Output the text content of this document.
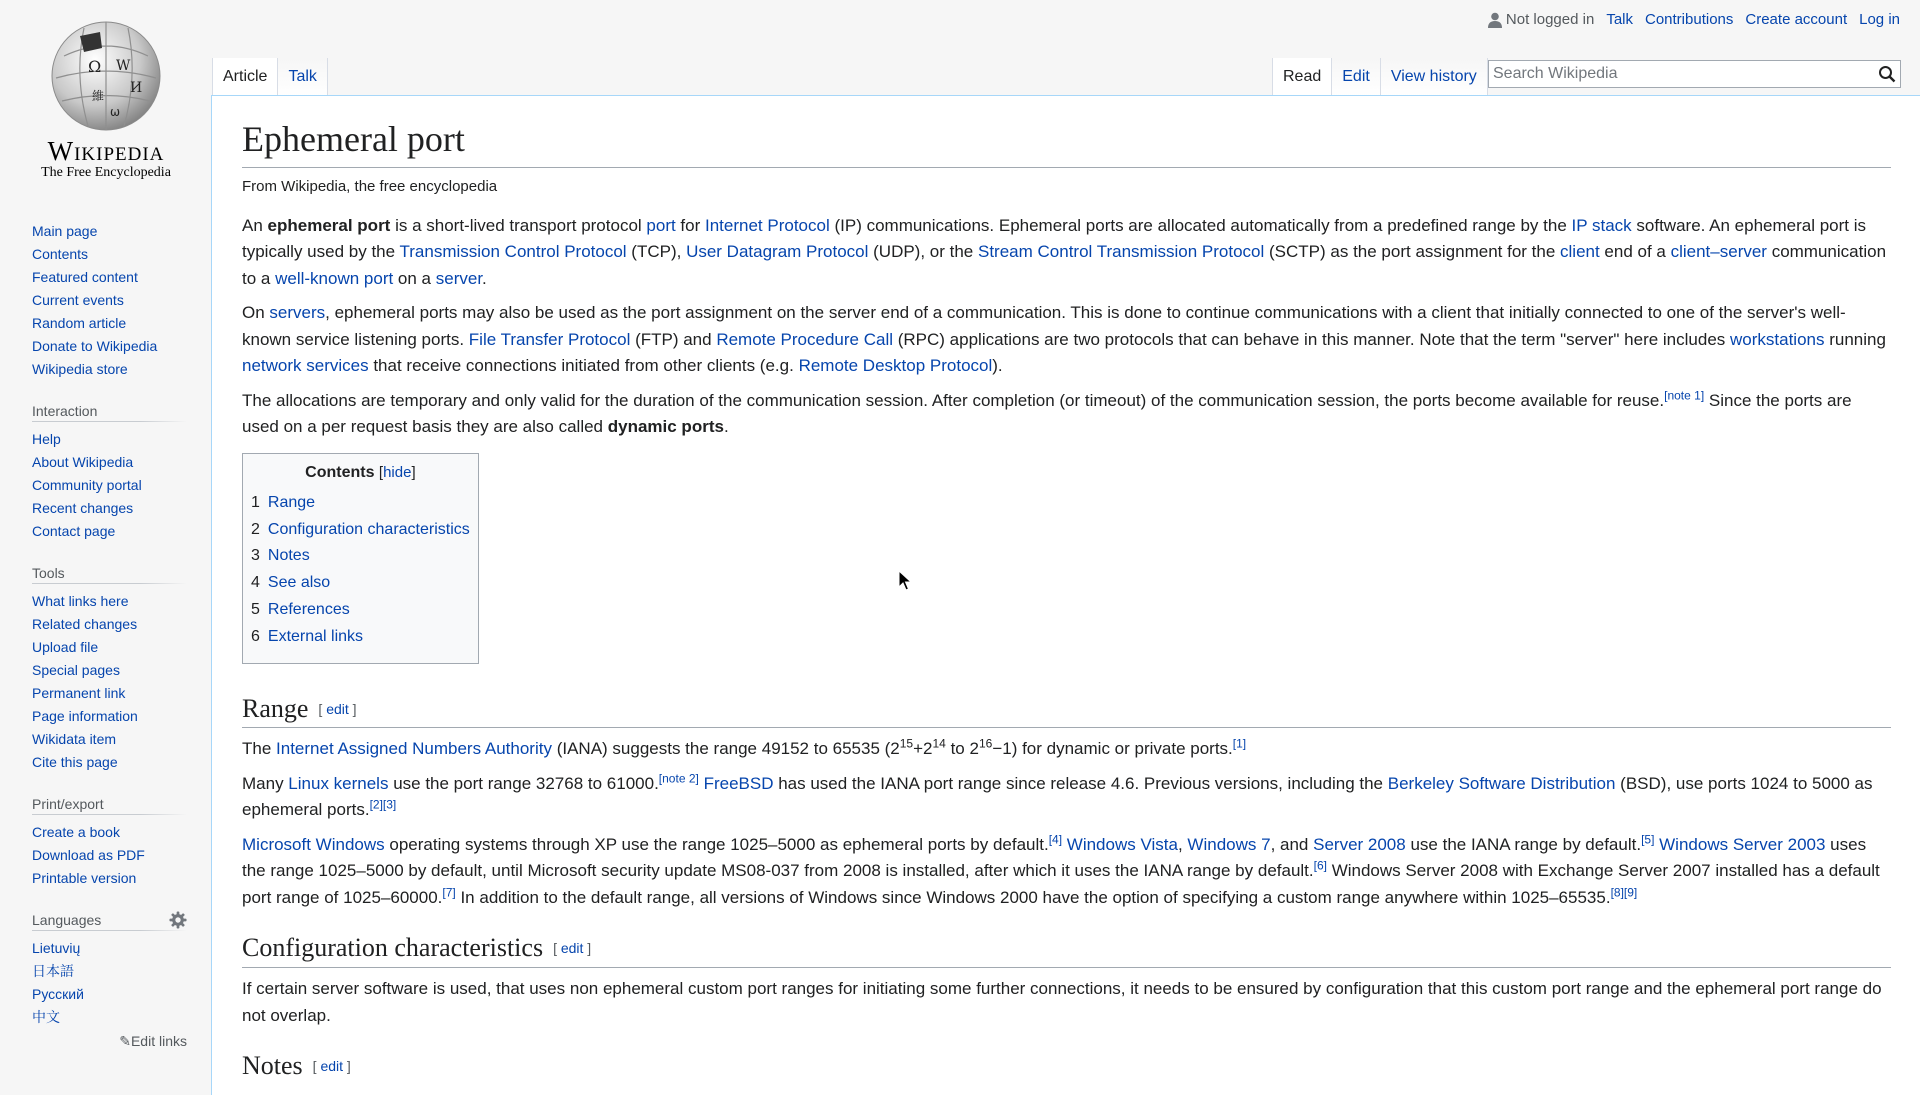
Ω W
И
維
ω
Wikipedia
The Free Encyclopedia
Not logged in Talk Contributions Create account Log in
Article	Talk	Read	Edit	View history
Search Wikipedia
Main page
Contents
Featured content
Current events
Random article
Donate to Wikipedia
Wikipedia store
Interaction
Help
About Wikipedia
Community portal
Recent changes
Contact page
Tools
What links here
Related changes
Upload file
Special pages
Permanent link
Page information
Wikidata item
Cite this page
Print/export
Create a book
Download as PDF
Printable version
Languages
Lietuvių
日本語
Русский
中文
✎Edit links
Ephemeral port
From Wikipedia, the free encyclopedia

An ephemeral port is a short-lived transport protocol port for Internet Protocol (IP) communications. Ephemeral ports are allocated automatically from a predefined range by the IP stack software. An ephemeral port is typically used by the Transmission Control Protocol (TCP), User Datagram Protocol (UDP), or the Stream Control Transmission Protocol (SCTP) as the port assignment for the client end of a client–server communication to a well-known port on a server.

On servers, ephemeral ports may also be used as the port assignment on the server end of a communication. This is done to continue communications with a client that initially connected to one of the server's well-known service listening ports. File Transfer Protocol (FTP) and Remote Procedure Call (RPC) applications are two protocols that can behave in this manner. Note that the term "server" here includes workstations running network services that receive connections initiated from other clients (e.g. Remote Desktop Protocol).

The allocations are temporary and only valid for the duration of the communication session. After completion (or timeout) of the communication session, the ports become available for reuse.[note 1] Since the ports are used on a per request basis they are also called dynamic ports.

Contents [hide]
1 Range
2 Configuration characteristics
3 Notes
4 See also
5 References
6 External links
Range [ edit ]

The Internet Assigned Numbers Authority (IANA) suggests the range 49152 to 65535 ($2^{15}+2^{14}$ to $2^{16}-1$) for dynamic or private ports.[1]

Many Linux kernels use the port range 32768 to 61000.[note 2] FreeBSD has used the IANA port range since release 4.6. Previous versions, including the Berkeley Software Distribution (BSD), use ports 1024 to 5000 as ephemeral ports.[2][3]

Microsoft Windows operating systems through XP use the range 1025–5000 as ephemeral ports by default.[4] Windows Vista, Windows 7, and Server 2008 use the IANA range by default.[5] Windows Server 2003 uses the range 1025–5000 by default, until Microsoft security update MS08-037 from 2008 is installed, after which it uses the IANA range by default.[6] Windows Server 2008 with Exchange Server 2007 installed has a default port range of 1025–60000.[7] In addition to the default range, all versions of Windows since Windows 2000 have the option of specifying a custom range anywhere within 1025–65535.[8][9]

Configuration characteristics [ edit ]

If certain server software is used, that uses non ephemeral custom port ranges for initiating some further connections, it needs to be ensured by configuration that this custom port range and the ephemeral port range do not overlap.

Notes [ edit ]
